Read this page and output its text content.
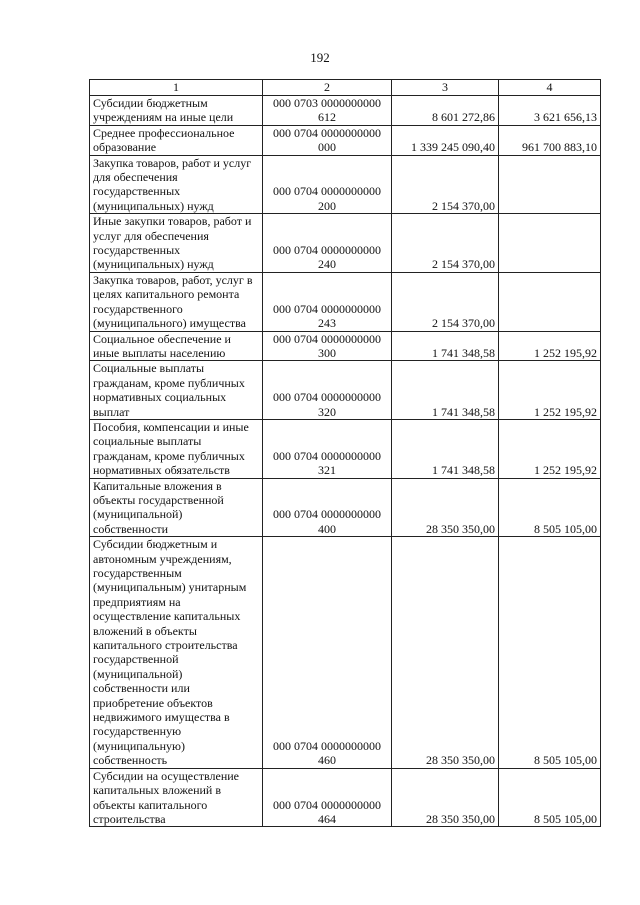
192
1	2	3	4
Субсидии бюджетным учреждениям на иные цели	000 0703 0000000000 612	8 601 272,86	3 621 656,13
Среднее профессиональное образование	000 0704 0000000000 000	1 339 245 090,40	961 700 883,10
Закупка товаров, работ и услуг для обеспечения государственных (муниципальных) нужд	000 0704 0000000000 200	2 154 370,00	
Иные закупки товаров, работ и услуг для обеспечения государственных (муниципальных) нужд	000 0704 0000000000 240	2 154 370,00	
Закупка товаров, работ, услуг в целях капитального ремонта государственного (муниципального) имущества	000 0704 0000000000 243	2 154 370,00	
Социальное обеспечение и иные выплаты населению	000 0704 0000000000 300	1 741 348,58	1 252 195,92
Социальные выплаты гражданам, кроме публичных нормативных социальных выплат	000 0704 0000000000 320	1 741 348,58	1 252 195,92
Пособия, компенсации и иные социальные выплаты гражданам, кроме публичных нормативных обязательств	000 0704 0000000000 321	1 741 348,58	1 252 195,92
Капитальные вложения в объекты государственной (муниципальной) собственности	000 0704 0000000000 400	28 350 350,00	8 505 105,00
Субсидии бюджетным и автономным учреждениям, государственным (муниципальным) унитарным предприятиям на осуществление капитальных вложений в объекты капитального строительства государственной (муниципальной) собственности или приобретение объектов недвижимого имущества в государственную (муниципальную) собственность	000 0704 0000000000 460	28 350 350,00	8 505 105,00
Субсидии на осуществление капитальных вложений в объекты капитального строительства	000 0704 0000000000 464	28 350 350,00	8 505 105,00
